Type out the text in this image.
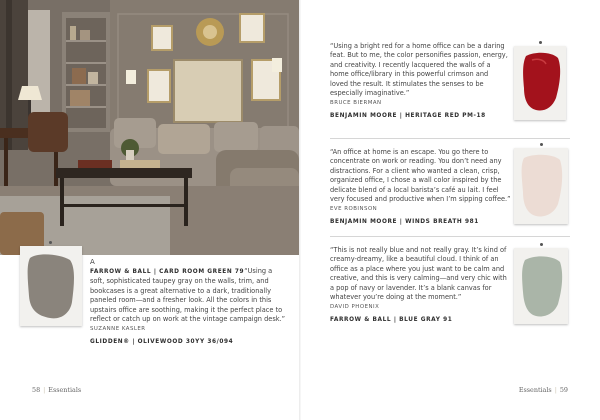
A
FARROW & BALL | CARD ROOM GREEN 79“Using a soft, sophisticated taupey gray on the walls, trim, and bookcases is a great alternative to a dark, traditionally paneled room—and a fresher look. All the colors in this upstairs office are soothing, making it the perfect place to reflect or catch up on work at the vintage campaign desk.”
SUZANNE KASLER
GLIDDEN® | OLIVEWOOD 30YY 36/094
58 | Essentials
“Using a bright red for a home office can be a daring feat. But to me, the color personifies passion, energy, and creativity. I recently lacquered the walls of a home office/library in this powerful crimson and loved the result. It stimulates the senses to be especially imaginative.”
BRUCE BIERMAN
BENJAMIN MOORE | HERITAGE RED PM-18
“An office at home is an escape. You go there to concentrate on work or reading. You don’t need any distractions. For a client who wanted a clean, crisp, organized office, I chose a wall color inspired by the delicate blend of a local barista’s café au lait. I feel very focused and productive when I’m sipping coffee.”
EVE ROBINSON
BENJAMIN MOORE | WINDS BREATH 981
“This is not really blue and not really gray. It’s kind of creamy-dreamy, like a beautiful cloud. I think of an office as a place where you just want to be calm and creative, and this is very calming—and very chic with a pop of navy or lavender. It’s a blank canvas for whatever you’re doing at the moment.”
DAVID PHOENIX
FARROW & BALL | BLUE GRAY 91
Essentials | 59
